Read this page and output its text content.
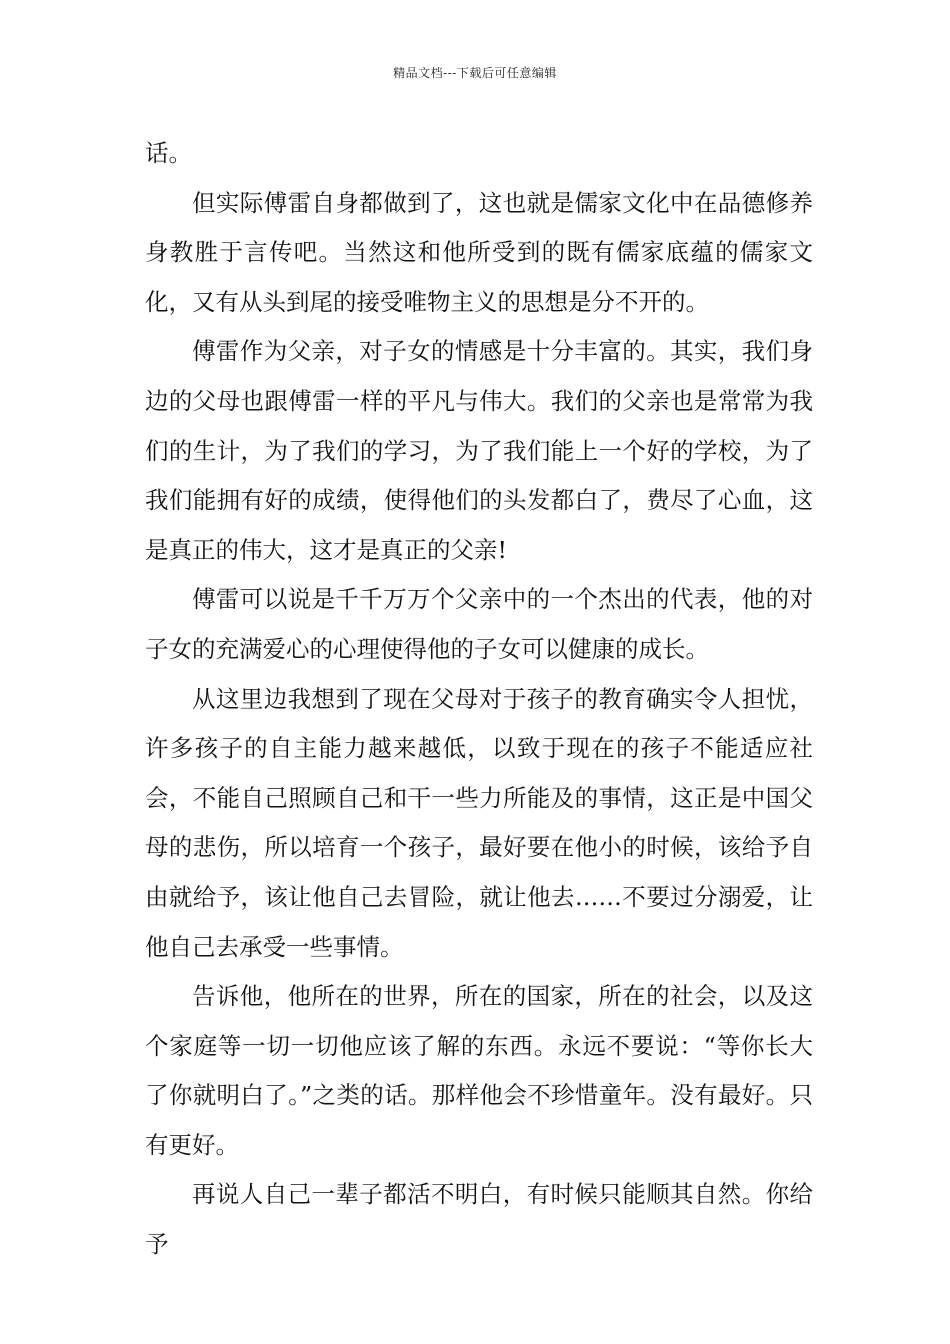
精品文档---下载后可任意编辑

话。

但实际傅雷自身都做到了，这也就是儒家文化中在品德修养身教胜于言传吧。当然这和他所受到的既有儒家底蕴的儒家文化，又有从头到尾的接受唯物主义的思想是分不开的。

傅雷作为父亲，对子女的情感是十分丰富的。其实，我们身边的父母也跟傅雷一样的平凡与伟大。我们的父亲也是常常为我们的生计，为了我们的学习，为了我们能上一个好的学校，为了我们能拥有好的成绩，使得他们的头发都白了，费尽了心血，这是真正的伟大，这才是真正的父亲!

傅雷可以说是千千万万个父亲中的一个杰出的代表，他的对子女的充满爱心的心理使得他的子女可以健康的成长。

从这里边我想到了现在父母对于孩子的教育确实令人担忧，许多孩子的自主能力越来越低，以致于现在的孩子不能适应社会，不能自己照顾自己和干一些力所能及的事情，这正是中国父母的悲伤，所以培育一个孩子，最好要在他小的时候，该给予自由就给予，该让他自己去冒险，就让他去……不要过分溺爱，让他自己去承受一些事情。

告诉他，他所在的世界，所在的国家，所在的社会，以及这个家庭等一切一切他应该了解的东西。永远不要说：“等你长大了你就明白了。”之类的话。那样他会不珍惜童年。没有最好。只有更好。

再说人自己一辈子都活不明白，有时候只能顺其自然。你给予
